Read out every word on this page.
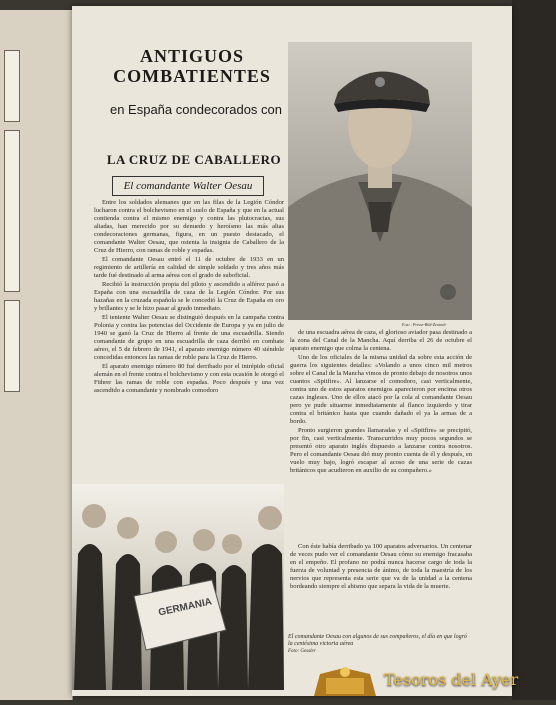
ANTIGUOS COMBATIENTES
en España condecorados con
LA CRUZ DE CABALLERO
El comandante Walter Oesau
Foto : Presse-Bild-Zentrale

Entre los soldados alemanes que en las filas de la Legión Cóndor lucharon contra el bolchevismo en el suelo de España y que en la actual contienda contra el mismo enemigo y contra las plutocracias, sus aliadas, han merecido por su denuedo y heroísmo las más altas condecoraciones germanas, figura, en un puesto destacado, el comandante Walter Oesau, que ostenta la insignia de Caballero de la Cruz de Hierro, con ramas de roble y espadas.

El comandante Oesau entró el 11 de octubre de 1933 en un regimiento de artillería en calidad de simple soldado y tres años más tarde fué destinado al arma aérea con el grado de suboficial.

Recibió la instrucción propia del piloto y ascendido a alférez pasó a España con una escuadrilla de caza de la Legión Cóndor. Por sus hazañas en la cruzada española se le concedió la Cruz de España en oro y brillantes y se le hizo pasar al grado inmediato.

El teniente Walter Oesau se distinguió después en la campaña contra Polonia y contra las potencias del Occidente de Europa y ya en julio de 1940 se ganó la Cruz de Hierro al frente de una escuadrilla. Siendo comandante de grupo en una escuadrilla de caza derribó en combate aéreo, el 5 de febrero de 1941, el aparato enemigo número 40 siéndole concedidas entonces las ramas de roble para la Cruz de Hierro.

El aparato enemigo número 80 fué derribado por el intrépido oficial alemán en el frente contra el bolchevismo y con esta ocasión le otorgó el Führer las ramas de roble con espadas. Poco después y una vez ascendido a comandante y nombrado comodoro

de una escuadra aérea de caza, el glorioso aviador pasa destinado a la zona del Canal de la Mancha. Aquí derriba el 26 de octubre el aparato enemigo que colma la centena.

Uno de los oficiales de la misma unidad da sobre esta acción de guerra los siguientes detalles: «Volando a unos cinco mil metros sobre el Canal de la Mancha vimos de pronto debajo de nosotros unos cuantos «Spitfire». Al lanzarse el comodoro, casi verticalmente, contra uno de estos aparatos enemigos aparecieron por encima otros cazas ingleses. Uno de ellos atacó por la cola al comandante Oesau pero ye pude situarme inmediatamente al flanco izquierdo y tirar contra el británico hasta que cuando dañado el ya la armas de a bordo.

Pronto surgieron grandes llamaradas y el «Spitfire» se precipitó, por fin, casi verticalmente. Transcurridos muy pocos segundos se presentó otro aparato inglés dispuesto a lanzarse contra nosotros. Pero el comandante Oesau dió muy pronto cuenta de él y después, en vuelo muy bajo, logró escapar al acoso de una serie de cazas británicos que acudieron en auxilio de su compañero.»

Con éste había derribado ya 100 aparatos adversarios. Un centenar de veces pudo ver el comandante Oesau cómo su enemigo fracasaba en el empeño. El profano no podrá nunca hacerse cargo de toda la fuerza de voluntad y presencia de ánimo, de toda la maestría de los nervios que representa esta serie que va de la unidad a la centena bordeando siempre el abismo que separa la vida de la muerte.

GERMANIA
El comandante Oesau con algunos de sus compañeros, el día en que logró la centésima victoria aérea
Foto: Gessler
Tesoros del Ayer
